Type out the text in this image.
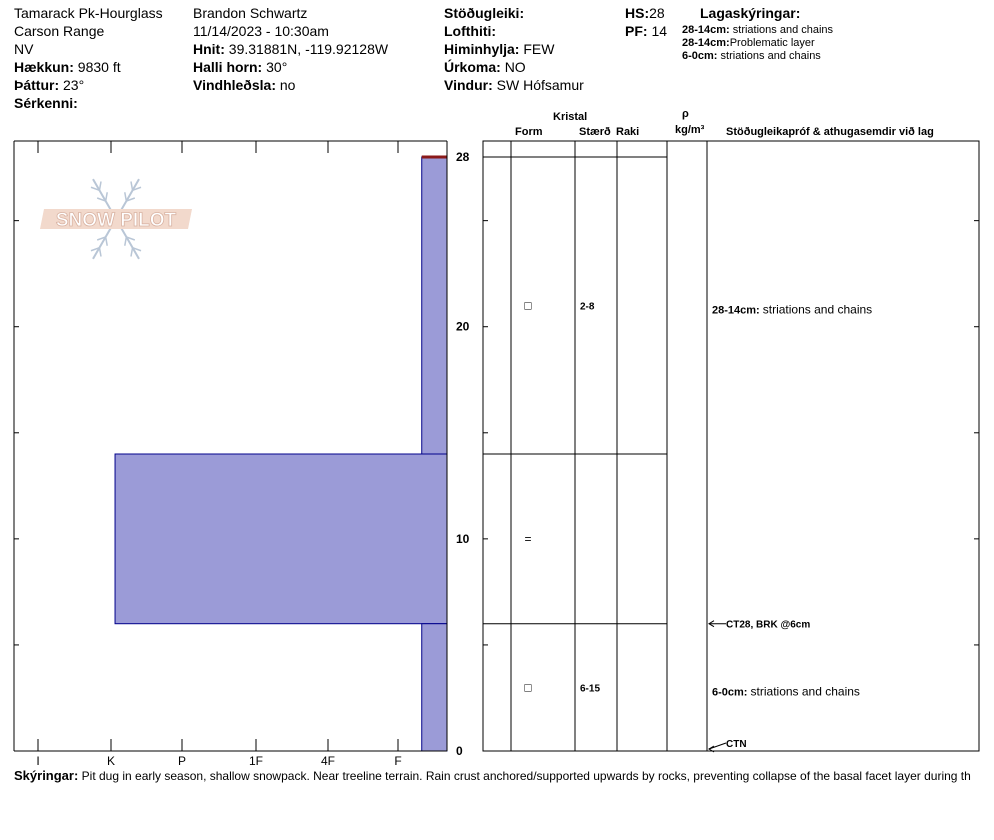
Tamarack Pk-Hourglass
Carson Range
NV
Hækkun: 9830 ft
Þáttur: 23°
Sérkenni:
Brandon Schwartz
11/14/2023 - 10:30am
Hnit: 39.31881N, -119.92128W
Halli horn: 30°
Vindhleðsla: no
Stöðugleiki:
Lofthiti:
Himinhylja: FEW
Úrkoma: NO
Vindur: SW Hófsamur
HS:28
PF: 14
Lagaskýringar:
28-14cm: striations and chains
28-14cm:Problematic layer
6-0cm: striations and chains
Kristal
Form	Stærð Raki
ρ
kg/m³ Stöðugleikapróf & athugasemdir við lag
SNOW PILOT
I	K	P	1F	4F	F
0
10
20
28
□	2-8	28-14cm: striations and chains
=
□	6-15	6-0cm: striations and chains
CT28, BRK @6cm
CTN
Skýringar: Pit dug in early season, shallow snowpack. Near treeline terrain. Rain crust anchored/supported upwards by rocks, preventing collapse of the basal facet layer during th
